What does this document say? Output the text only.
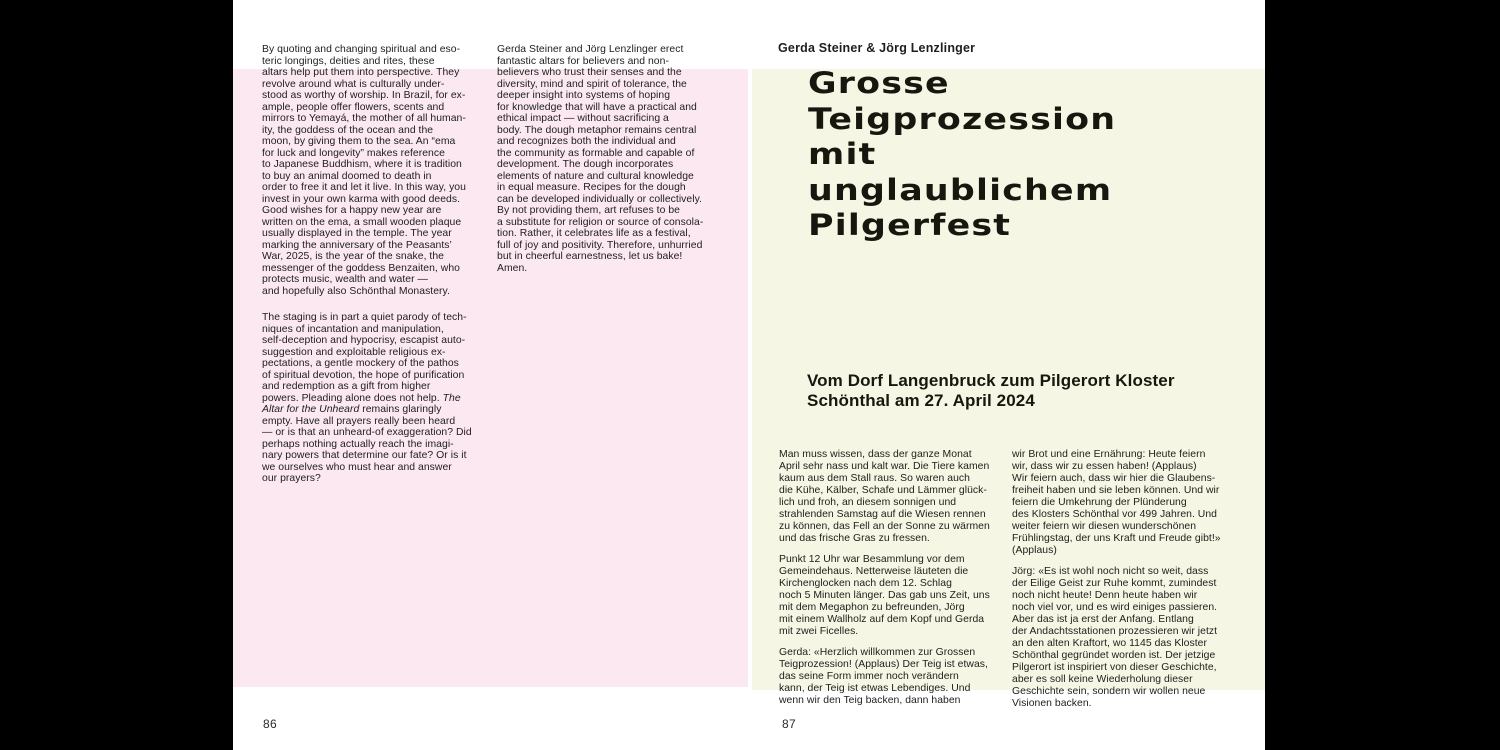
By quoting and changing spiritual and eso-
teric longings, deities and rites, these
altars help put them into perspective. They
revolve around what is culturally under-
stood as worthy of worship. In Brazil, for ex-
ample, people offer flowers, scents and
mirrors to Yemayá, the mother of all human-
ity, the goddess of the ocean and the
moon, by giving them to the sea. An “ema
for luck and longevity” makes reference
to Japanese Buddhism, where it is tradition
to buy an animal doomed to death in
order to free it and let it live. In this way, you
invest in your own karma with good deeds.
Good wishes for a happy new year are
written on the ema, a small wooden plaque
usually displayed in the temple. The year
marking the anniversary of the Peasants’
War, 2025, is the year of the snake, the
messenger of the goddess Benzaiten, who
protects music, wealth and water —
and hopefully also Schönthal Monastery.

The staging is in part a quiet parody of tech-
niques of incantation and manipulation,
self-deception and hypocrisy, escapist auto-
suggestion and exploitable religious ex-
pectations, a gentle mockery of the pathos
of spiritual devotion, the hope of purification
and redemption as a gift from higher
powers. Pleading alone does not help. The
Altar for the Unheard remains glaringly
empty. Have all prayers really been heard
— or is that an unheard-of exaggeration? Did
perhaps nothing actually reach the imagi-
nary powers that determine our fate? Or is it
we ourselves who must hear and answer
our prayers?

Gerda Steiner and Jörg Lenzlinger erect
fantastic altars for believers and non-
believers who trust their senses and the
diversity, mind and spirit of tolerance, the
deeper insight into systems of hoping
for knowledge that will have a practical and
ethical impact — without sacrificing a
body. The dough metaphor remains central
and recognizes both the individual and
the community as formable and capable of
development. The dough incorporates
elements of nature and cultural knowledge
in equal measure. Recipes for the dough
can be developed individually or collectively.
By not providing them, art refuses to be
a substitute for religion or source of consola-
tion. Rather, it celebrates life as a festival,
full of joy and positivity. Therefore, unhurried
but in cheerful earnestness, let us bake!
Amen.

Gerda Steiner & Jörg Lenzlinger
Grosse
Teigprozession
mit
unglaublichem
Pilgerfest
Vom Dorf Langenbruck zum Pilgerort Kloster
Schönthal am 27. April 2024

Man muss wissen, dass der ganze Monat
April sehr nass und kalt war. Die Tiere kamen
kaum aus dem Stall raus. So waren auch
die Kühe, Kälber, Schafe und Lämmer glück-
lich und froh, an diesem sonnigen und
strahlenden Samstag auf die Wiesen rennen
zu können, das Fell an der Sonne zu wärmen
und das frische Gras zu fressen.

Punkt 12 Uhr war Besammlung vor dem
Gemeindehaus. Netterweise läuteten die
Kirchenglocken nach dem 12. Schlag
noch 5 Minuten länger. Das gab uns Zeit, uns
mit dem Megaphon zu befreunden, Jörg
mit einem Wallholz auf dem Kopf und Gerda
mit zwei Ficelles.

Gerda: «Herzlich willkommen zur Grossen
Teigprozession! (Applaus) Der Teig ist etwas,
das seine Form immer noch verändern
kann, der Teig ist etwas Lebendiges. Und
wenn wir den Teig backen, dann haben

wir Brot und eine Ernährung: Heute feiern
wir, dass wir zu essen haben! (Applaus)
Wir feiern auch, dass wir hier die Glaubens-
freiheit haben und sie leben können. Und wir
feiern die Umkehrung der Plünderung
des Klosters Schönthal vor 499 Jahren. Und
weiter feiern wir diesen wunderschönen
Frühlingstag, der uns Kraft und Freude gibt!»
(Applaus)

Jörg: «Es ist wohl noch nicht so weit, dass
der Eilige Geist zur Ruhe kommt, zumindest
noch nicht heute! Denn heute haben wir
noch viel vor, und es wird einiges passieren.
Aber das ist ja erst der Anfang. Entlang
der Andachtsstationen prozessieren wir jetzt
an den alten Kraftort, wo 1145 das Kloster
Schönthal gegründet worden ist. Der jetzige
Pilgerort ist inspiriert von dieser Geschichte,
aber es soll keine Wiederholung dieser
Geschichte sein, sondern wir wollen neue
Visionen backen.

86	87
